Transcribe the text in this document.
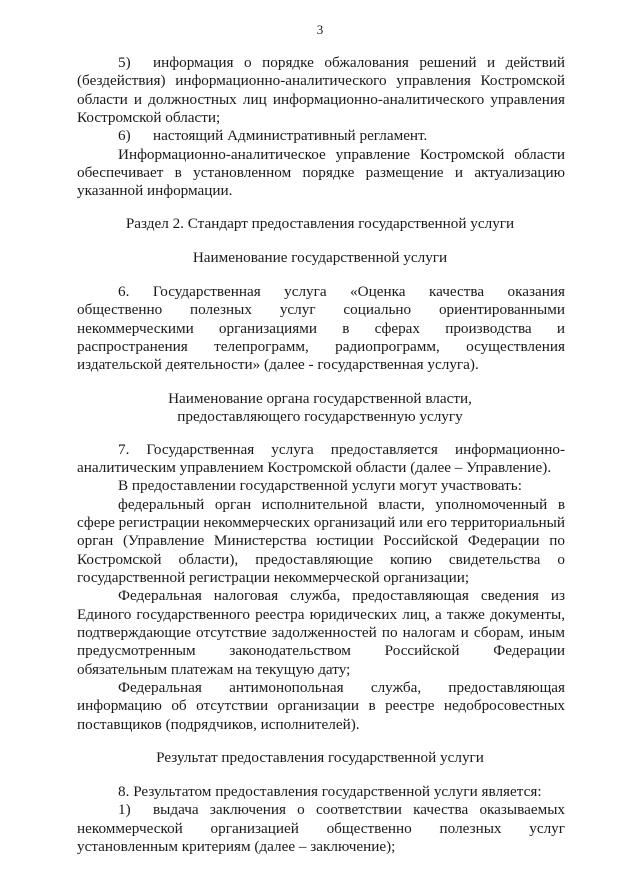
3
5) информация о порядке обжалования решений и действий
(бездействия) информационно-аналитического управления Костромской
области и должностных лиц информационно-аналитического управления
Костромской области;
6) настоящий Административный регламент.
Информационно-аналитическое управление Костромской области
обеспечивает в установленном порядке размещение и актуализацию
указанной информации.
Раздел 2. Стандарт предоставления государственной услуги
Наименование государственной услуги
6. Государственная услуга «Оценка качества оказания
общественно полезных услуг социально ориентированными
некоммерческими организациями в сферах производства и
распространения телепрограмм, радиопрограмм, осуществления
издательской деятельности» (далее - государственная услуга).
Наименование органа государственной власти,
предоставляющего государственную услугу
7. Государственная услуга предоставляется информационно-
аналитическим управлением Костромской области (далее – Управление).
В предоставлении государственной услуги могут участвовать:
федеральный орган исполнительной власти, уполномоченный в
сфере регистрации некоммерческих организаций или его территориальный
орган (Управление Министерства юстиции Российской Федерации по
Костромской области), предоставляющие копию свидетельства о
государственной регистрации некоммерческой организации;
Федеральная налоговая служба, предоставляющая сведения из
Единого государственного реестра юридических лиц, а также документы,
подтверждающие отсутствие задолженностей по налогам и сборам, иным
предусмотренным законодательством Российской Федерации
обязательным платежам на текущую дату;
Федеральная антимонопольная служба, предоставляющая
информацию об отсутствии организации в реестре недобросовестных
поставщиков (подрядчиков, исполнителей).
Результат предоставления государственной услуги
8. Результатом предоставления государственной услуги является:
1) выдача заключения о соответствии качества оказываемых
некоммерческой организацией общественно полезных услуг
установленным критериям (далее – заключение);
